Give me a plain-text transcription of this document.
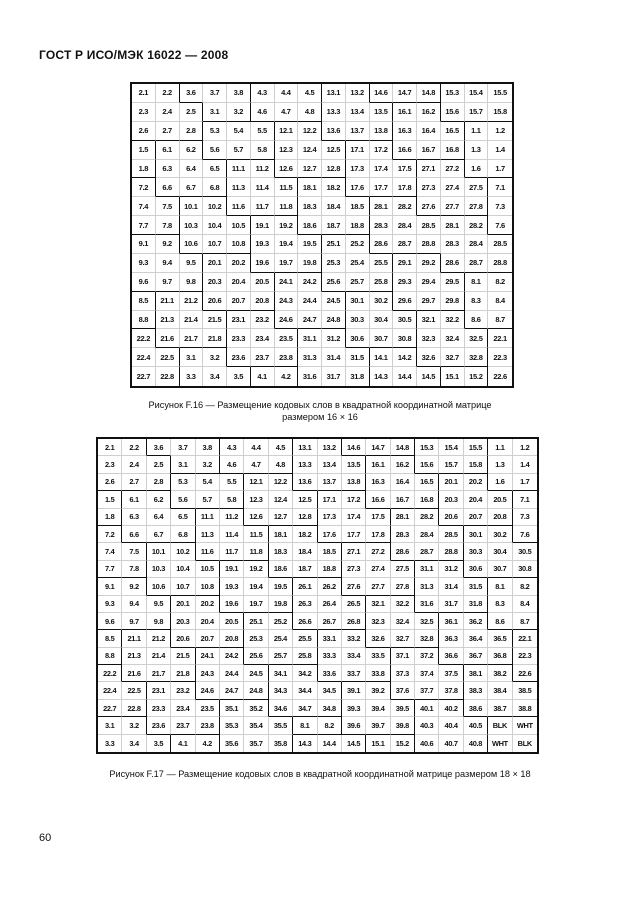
ГОСТ Р ИСО/МЭК 16022 — 2008
2.1	2.2	3.6	3.7	3.8	4.3	4.4	4.5	13.1	13.2	14.6	14.7	14.8	15.3	15.4	15.5
2.3	2.4	2.5	3.1	3.2	4.6	4.7	4.8	13.3	13.4	13.5	16.1	16.2	15.6	15.7	15.8
2.6	2.7	2.8	5.3	5.4	5.5	12.1	12.2	13.6	13.7	13.8	16.3	16.4	16.5	1.1	1.2
1.5	6.1	6.2	5.6	5.7	5.8	12.3	12.4	12.5	17.1	17.2	16.6	16.7	16.8	1.3	1.4
1.8	6.3	6.4	6.5	11.1	11.2	12.6	12.7	12.8	17.3	17.4	17.5	27.1	27.2	1.6	1.7
7.2	6.6	6.7	6.8	11.3	11.4	11.5	18.1	18.2	17.6	17.7	17.8	27.3	27.4	27.5	7.1
7.4	7.5	10.1	10.2	11.6	11.7	11.8	18.3	18.4	18.5	28.1	28.2	27.6	27.7	27.8	7.3
7.7	7.8	10.3	10.4	10.5	19.1	19.2	18.6	18.7	18.8	28.3	28.4	28.5	28.1	28.2	7.6
9.1	9.2	10.6	10.7	10.8	19.3	19.4	19.5	25.1	25.2	28.6	28.7	28.8	28.3	28.4	28.5
9.3	9.4	9.5	20.1	20.2	19.6	19.7	19.8	25.3	25.4	25.5	29.1	29.2	28.6	28.7	28.8
9.6	9.7	9.8	20.3	20.4	20.5	24.1	24.2	25.6	25.7	25.8	29.3	29.4	29.5	8.1	8.2
8.5	21.1	21.2	20.6	20.7	20.8	24.3	24.4	24.5	30.1	30.2	29.6	29.7	29.8	8.3	8.4
8.8	21.3	21.4	21.5	23.1	23.2	24.6	24.7	24.8	30.3	30.4	30.5	32.1	32.2	8.6	8.7
22.2	21.6	21.7	21.8	23.3	23.4	23.5	31.1	31.2	30.6	30.7	30.8	32.3	32.4	32.5	22.1
22.4	22.5	3.1	3.2	23.6	23.7	23.8	31.3	31.4	31.5	14.1	14.2	32.6	32.7	32.8	22.3
22.7	22.8	3.3	3.4	3.5	4.1	4.2	31.6	31.7	31.8	14.3	14.4	14.5	15.1	15.2	22.6
Рисунок F.16 — Размещение кодовых слов в квадратной координатной матрице
размером 16 × 16
2.1	2.2	3.6	3.7	3.8	4.3	4.4	4.5	13.1	13.2	14.6	14.7	14.8	15.3	15.4	15.5	1.1	1.2
2.3	2.4	2.5	3.1	3.2	4.6	4.7	4.8	13.3	13.4	13.5	16.1	16.2	15.6	15.7	15.8	1.3	1.4
2.6	2.7	2.8	5.3	5.4	5.5	12.1	12.2	13.6	13.7	13.8	16.3	16.4	16.5	20.1	20.2	1.6	1.7
1.5	6.1	6.2	5.6	5.7	5.8	12.3	12.4	12.5	17.1	17.2	16.6	16.7	16.8	20.3	20.4	20.5	7.1
1.8	6.3	6.4	6.5	11.1	11.2	12.6	12.7	12.8	17.3	17.4	17.5	28.1	28.2	20.6	20.7	20.8	7.3
7.2	6.6	6.7	6.8	11.3	11.4	11.5	18.1	18.2	17.6	17.7	17.8	28.3	28.4	28.5	30.1	30.2	7.6
7.4	7.5	10.1	10.2	11.6	11.7	11.8	18.3	18.4	18.5	27.1	27.2	28.6	28.7	28.8	30.3	30.4	30.5
7.7	7.8	10.3	10.4	10.5	19.1	19.2	18.6	18.7	18.8	27.3	27.4	27.5	31.1	31.2	30.6	30.7	30.8
9.1	9.2	10.6	10.7	10.8	19.3	19.4	19.5	26.1	26.2	27.6	27.7	27.8	31.3	31.4	31.5	8.1	8.2
9.3	9.4	9.5	20.1	20.2	19.6	19.7	19.8	26.3	26.4	26.5	32.1	32.2	31.6	31.7	31.8	8.3	8.4
9.6	9.7	9.8	20.3	20.4	20.5	25.1	25.2	26.6	26.7	26.8	32.3	32.4	32.5	36.1	36.2	8.6	8.7
8.5	21.1	21.2	20.6	20.7	20.8	25.3	25.4	25.5	33.1	33.2	32.6	32.7	32.8	36.3	36.4	36.5	22.1
8.8	21.3	21.4	21.5	24.1	24.2	25.6	25.7	25.8	33.3	33.4	33.5	37.1	37.2	36.6	36.7	36.8	22.3
22.2	21.6	21.7	21.8	24.3	24.4	24.5	34.1	34.2	33.6	33.7	33.8	37.3	37.4	37.5	38.1	38.2	22.6
22.4	22.5	23.1	23.2	24.6	24.7	24.8	34.3	34.4	34.5	39.1	39.2	37.6	37.7	37.8	38.3	38.4	38.5
22.7	22.8	23.3	23.4	23.5	35.1	35.2	34.6	34.7	34.8	39.3	39.4	39.5	40.1	40.2	38.6	38.7	38.8
3.1	3.2	23.6	23.7	23.8	35.3	35.4	35.5	8.1	8.2	39.6	39.7	39.8	40.3	40.4	40.5	BLK	WHT
3.3	3.4	3.5	4.1	4.2	35.6	35.7	35.8	14.3	14.4	14.5	15.1	15.2	40.6	40.7	40.8	WHT	BLK
Рисунок F.17 — Размещение кодовых слов в квадратной координатной матрице размером 18 × 18
60
